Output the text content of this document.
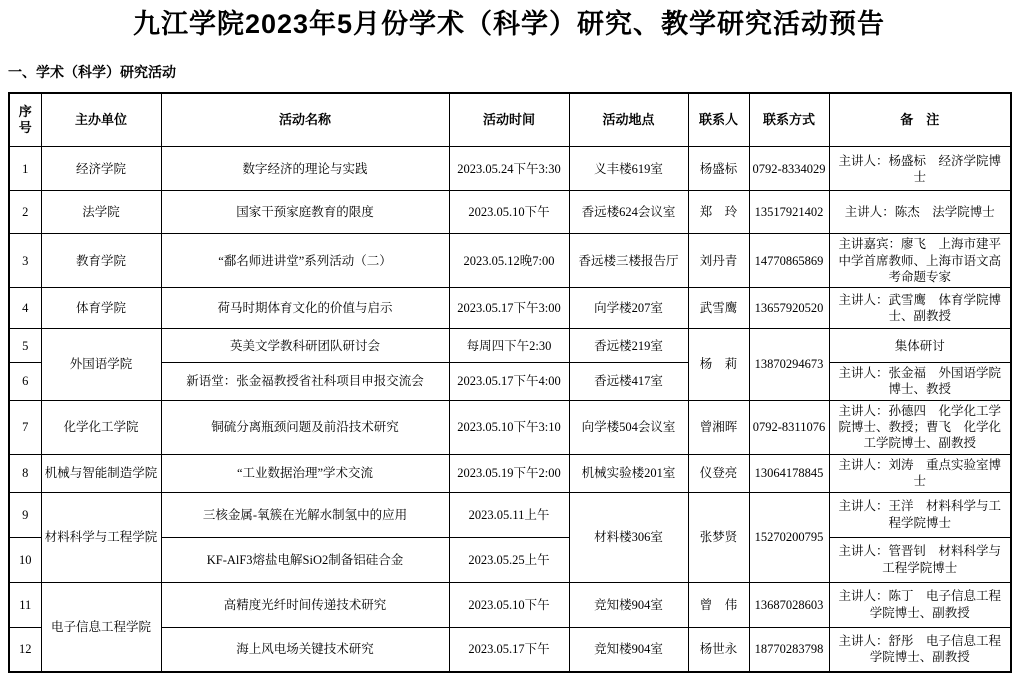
九江学院2023年5月份学术（科学）研究、教学研究活动预告
一、学术（科学）研究活动
序号	主办单位	活动名称	活动时间	活动地点	联系人	联系方式	备　注
1	经济学院	数字经济的理论与实践	2023.05.24下午3:30	义丰楼619室	杨盛标	0792-8334029	主讲人：杨盛标　经济学院博士
2	法学院	国家干预家庭教育的限度	2023.05.10下午	香远楼624会议室	郑　玲	13517921402	主讲人：陈杰　法学院博士
3	教育学院	“鄱名师进讲堂”系列活动（二）	2023.05.12晚7:00	香远楼三楼报告厅	刘丹青	14770865869	主讲嘉宾：廖飞　上海市建平中学首席教师、上海市语文高考命题专家
4	体育学院	荷马时期体育文化的价值与启示	2023.05.17下午3:00	向学楼207室	武雪鹰	13657920520	主讲人：武雪鹰　体育学院博士、副教授
5	外国语学院	英美文学教科研团队研讨会	每周四下午2:30	香远楼219室	杨　莉	13870294673	集体研讨
6		新语堂：张金福教授省社科项目申报交流会	2023.05.17下午4:00	香远楼417室			主讲人：张金福　外国语学院博士、教授
7	化学化工学院	铜硫分离瓶颈问题及前沿技术研究	2023.05.10下午3:10	向学楼504会议室	曾湘晖	0792-8311076	主讲人：孙德四　化学化工学院博士、教授；曹飞　化学化工学院博士、副教授
8	机械与智能制造学院	“工业数据治理”学术交流	2023.05.19下午2:00	机械实验楼201室	仪登亮	13064178845	主讲人：刘涛　重点实验室博士
9	材料科学与工程学院	三核金属-氧簇在光解水制氢中的应用	2023.05.11上午	材料楼306室	张梦贤	15270200795	主讲人：王洋　材料科学与工程学院博士
10		KF-AlF3熔盐电解SiO2制备铝硅合金	2023.05.25上午				主讲人：管晋钊　材料科学与工程学院博士
11	电子信息工程学院	高精度光纤时间传递技术研究	2023.05.10下午	竞知楼904室	曾　伟	13687028603	主讲人：陈丁　电子信息工程学院博士、副教授
12		海上风电场关键技术研究	2023.05.17下午	竞知楼904室	杨世永	18770283798	主讲人：舒彤　电子信息工程学院博士、副教授
